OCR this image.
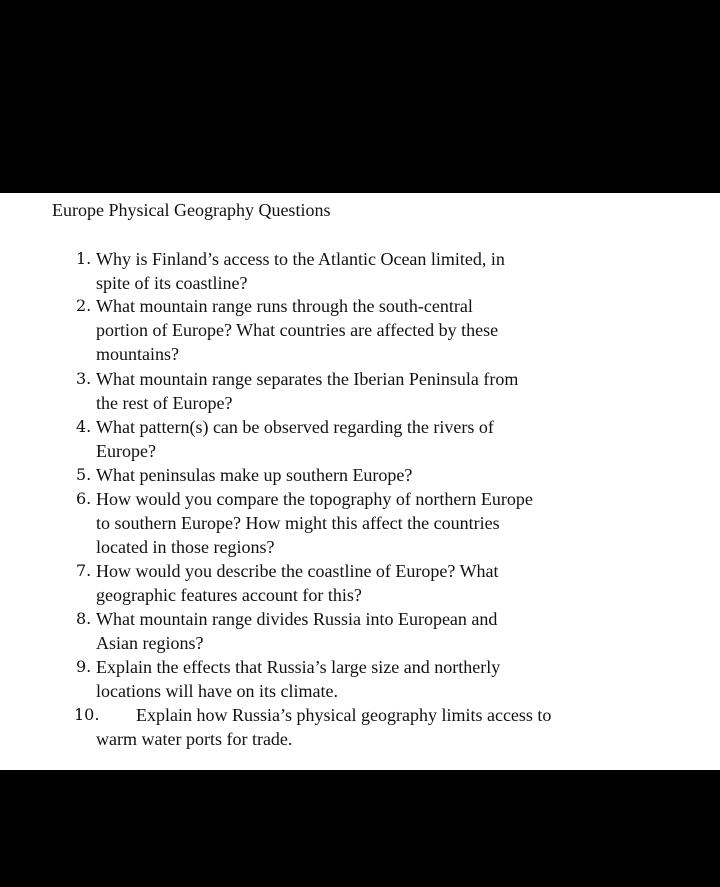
Europe Physical Geography Questions
1. Why is Finland’s access to the Atlantic Ocean limited, in
spite of its coastline?
2. What mountain range runs through the south-central
portion of Europe? What countries are affected by these
mountains?
3. What mountain range separates the Iberian Peninsula from
the rest of Europe?
4. What pattern(s) can be observed regarding the rivers of
Europe?
5. What peninsulas make up southern Europe?
6. How would you compare the topography of northern Europe
to southern Europe? How might this affect the countries
located in those regions?
7. How would you describe the coastline of Europe? What
geographic features account for this?
8. What mountain range divides Russia into European and
Asian regions?
9. Explain the effects that Russia’s large size and northerly
locations will have on its climate.
10.	Explain how Russia’s physical geography limits access to
warm water ports for trade.
